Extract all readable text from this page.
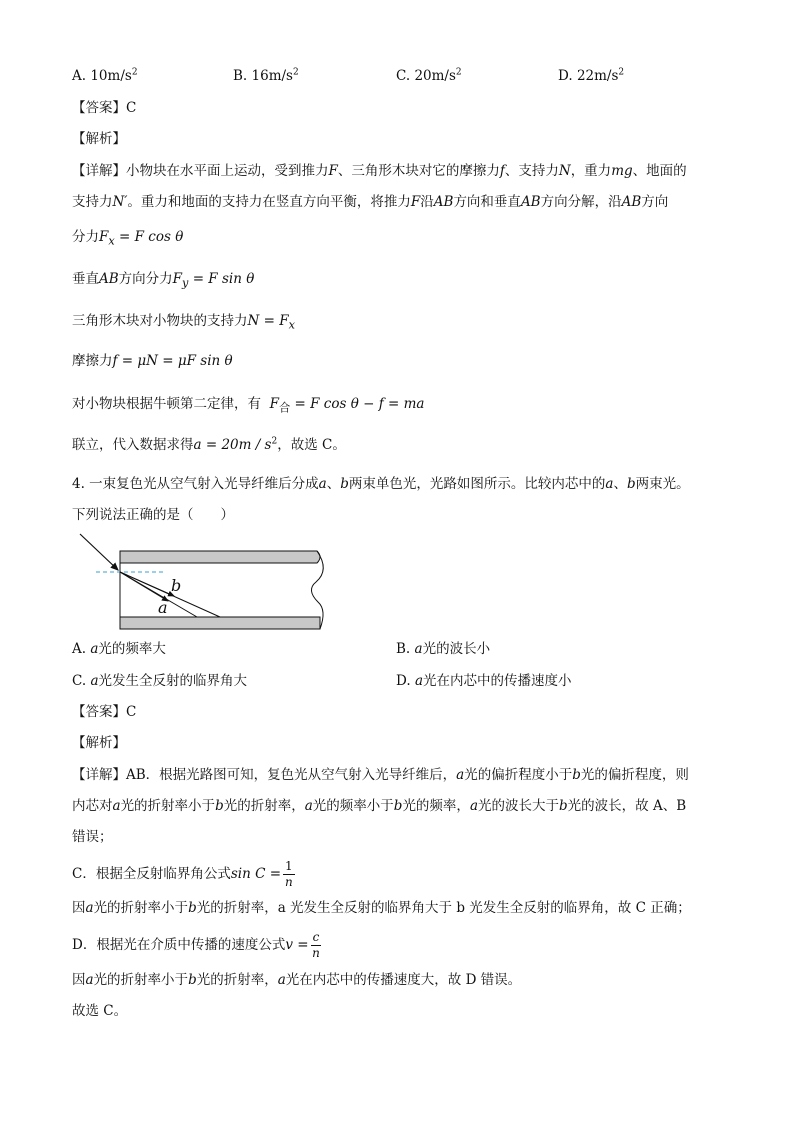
A. $10m/s^2$	B. $16m/s^2$	C. $20m/s^2$	D. $22m/s^2$
【答案】C
【解析】
【详解】小物块在水平面上运动，受到推力F、三角形木块对它的摩擦力f、支持力N，重力mg、地面的
支持力N′。重力和地面的支持力在竖直方向平衡，将推力F沿AB方向和垂直AB方向分解，沿AB方向
分力$F_x = F$ cos θ
垂直AB方向分力$F_y = F$ sin θ
三角形木块对小物块的支持力$N = F_x$
摩擦力f = μN = μF sin θ
对小物块根据牛顿第二定律，有 $F_合 = F$ cos θ − f = ma
联立，代入数据求得$a = 20m / s^2$，故选 C。
4. 一束复色光从空气射入光导纤维后分成a、b两束单色光，光路如图所示。比较内芯中的a、b两束光。
下列说法正确的是（　　）
b
a
A. a光的频率大	B. a光的波长小
C. a光发生全反射的临界角大	D. a光在内芯中的传播速度小
【答案】C
【解析】
【详解】AB．根据光路图可知，复色光从空气射入光导纤维后，a光的偏折程度小于b光的偏折程度，则
内芯对a光的折射率小于b光的折射率，a光的频率小于b光的频率，a光的波长大于b光的波长，故 A、B
错误；
C．根据全反射临界角公式$\sin C = \frac{1}{n}$
因a光的折射率小于b光的折射率，a 光发生全反射的临界角大于 b 光发生全反射的临界角，故 C 正确；
D．根据光在介质中传播的速度公式$v = \frac{c}{n}$
因a光的折射率小于b光的折射率，a光在内芯中的传播速度大，故 D 错误。
故选 C。
